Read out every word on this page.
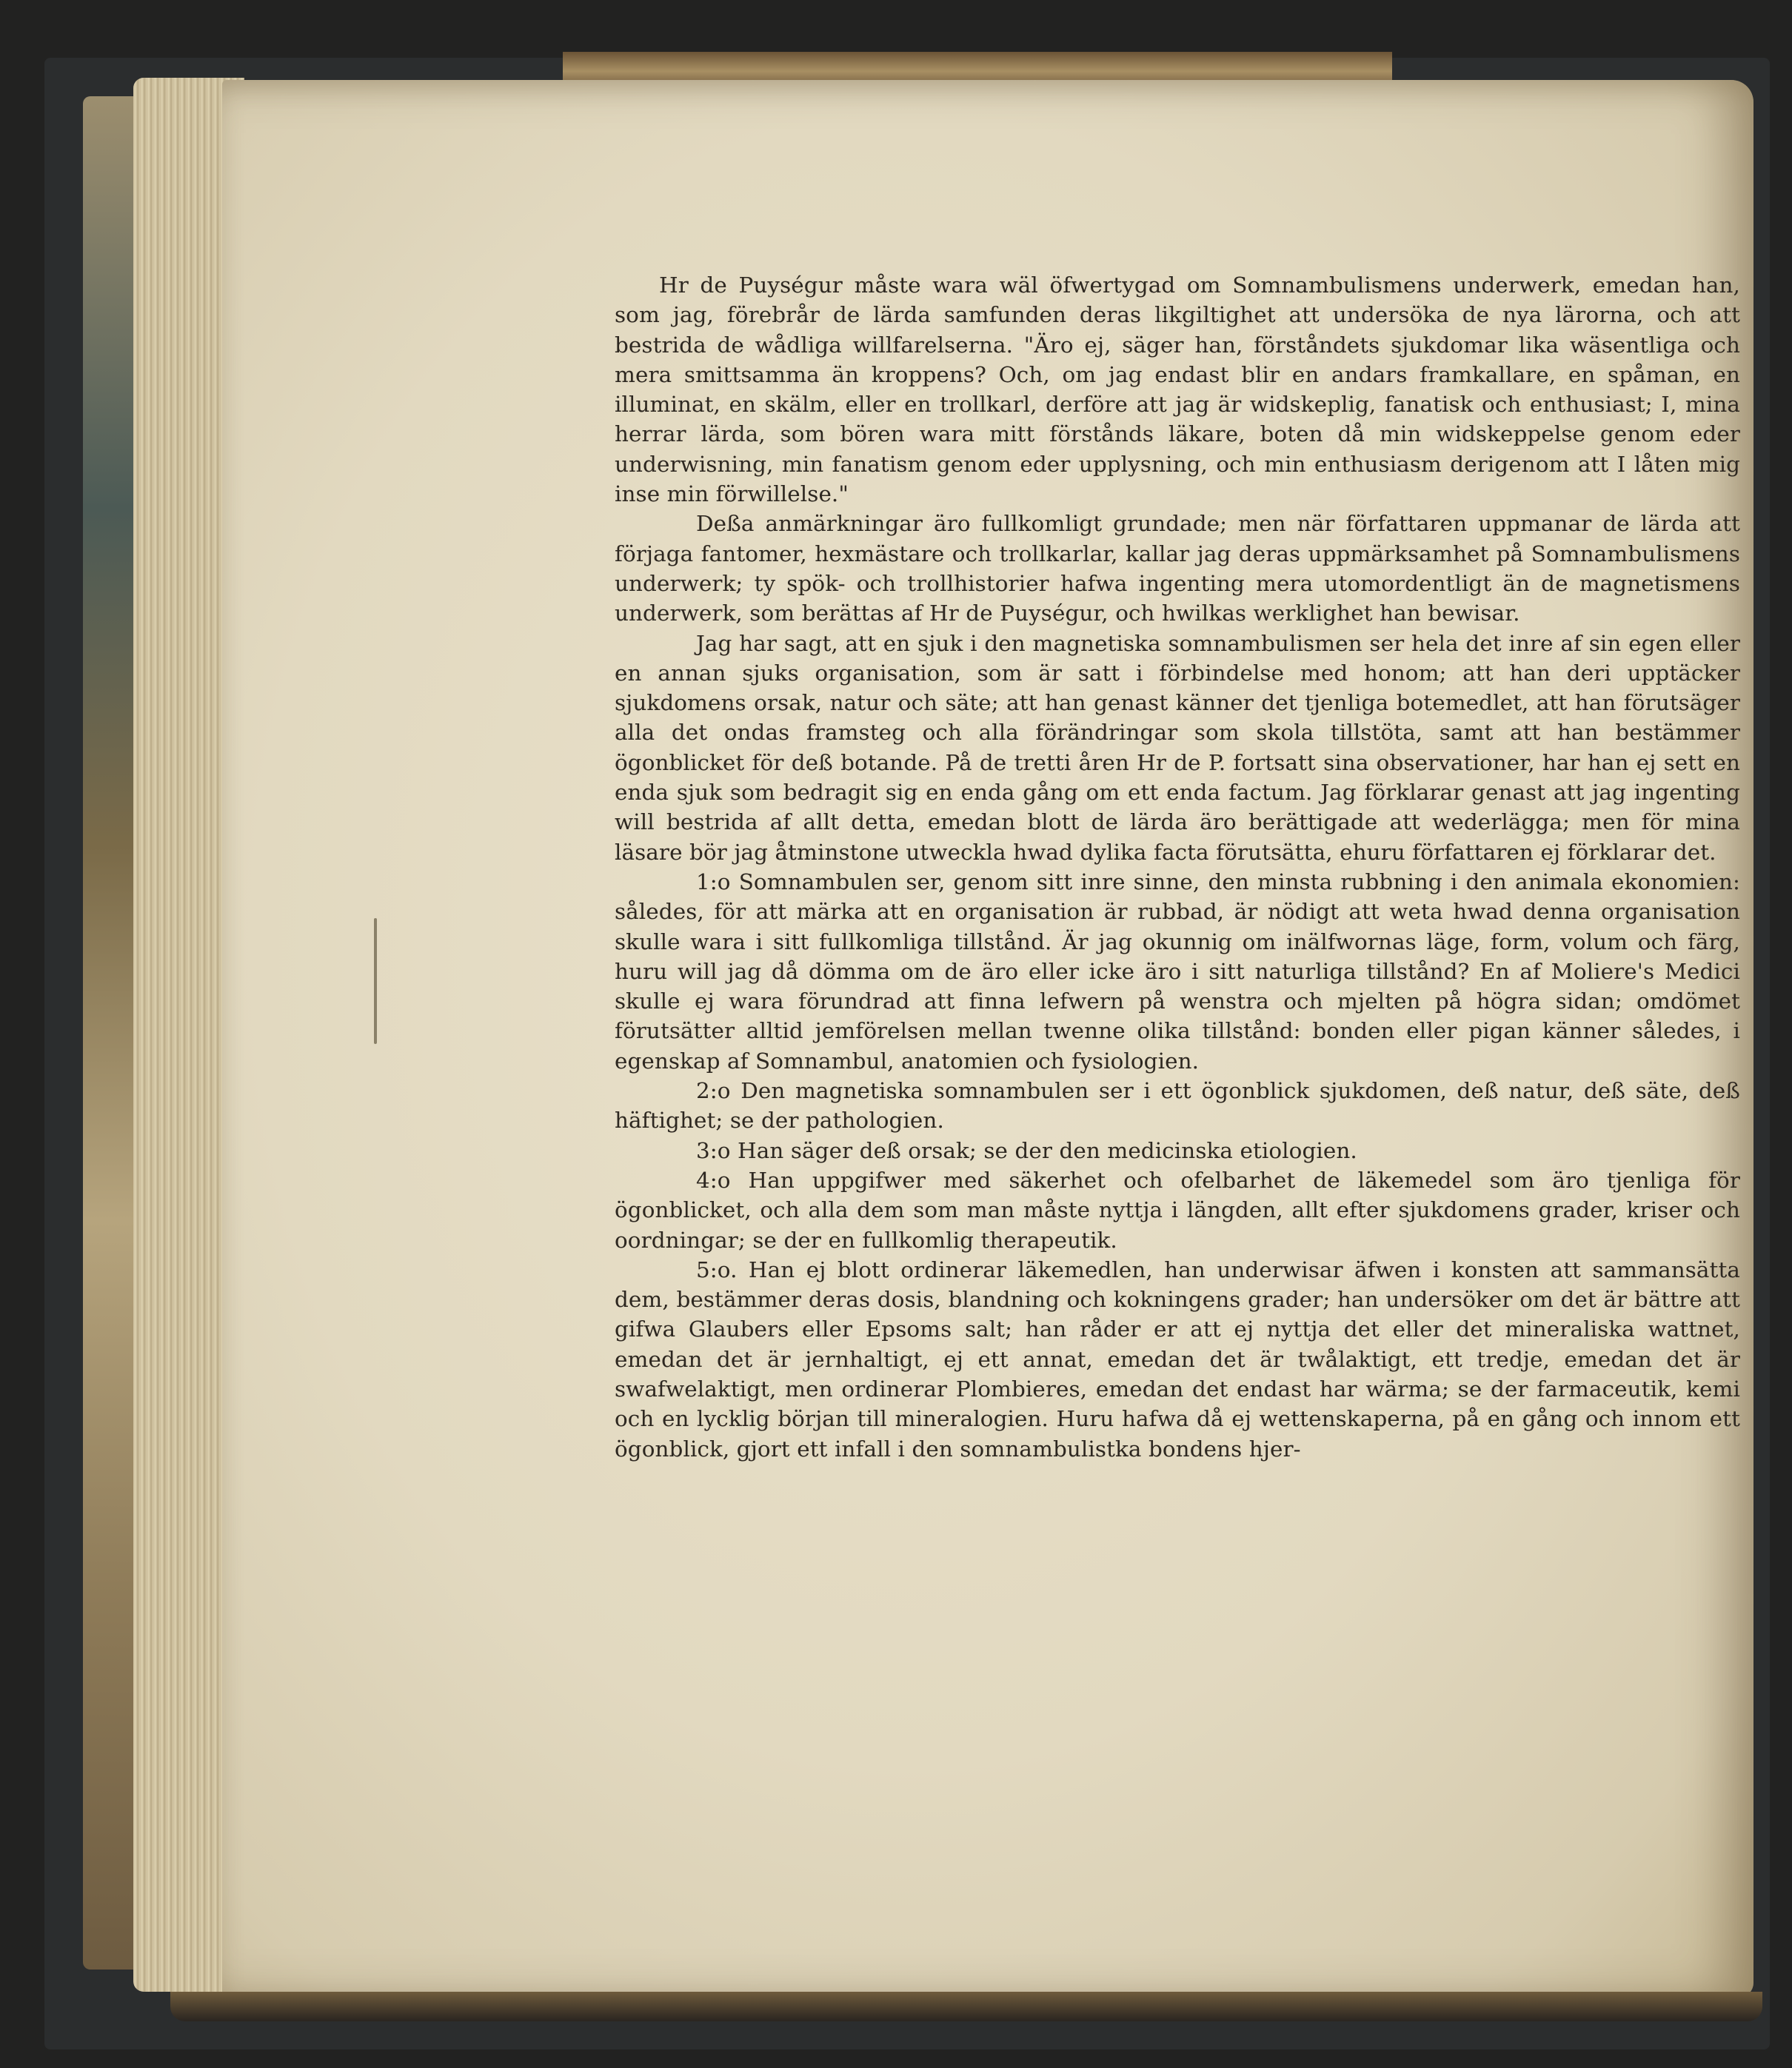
Hr de Puységur måste wara wäl öfwertygad om Somnambulismens underwerk, emedan han, som jag, förebrår de lärda samfunden deras likgiltighet att undersöka de nya lärorna, och att bestrida de wådliga willfarelserna. "Äro ej, säger han, förståndets sjukdomar lika wäsentliga och mera smittsamma än kroppens? Och, om jag endast blir en andars framkallare, en spåman, en illuminat, en skälm, eller en trollkarl, derföre att jag är widskeplig, fanatisk och enthusiast; I, mina herrar lärda, som bören wara mitt förstånds läkare, boten då min widskeppelse genom eder underwisning, min fanatism genom eder upplysning, och min enthusiasm derigenom att I låten mig inse min förwillelse."

Deßa anmärkningar äro fullkomligt grundade; men när författaren uppmanar de lärda att förjaga fantomer, hexmästare och trollkarlar, kallar jag deras uppmärksamhet på Somnambulismens underwerk; ty spök- och trollhistorier hafwa ingenting mera utomordentligt än de magnetismens underwerk, som berättas af Hr de Puységur, och hwilkas werklighet han bewisar.

Jag har sagt, att en sjuk i den magnetiska somnambulismen ser hela det inre af sin egen eller en annan sjuks organisation, som är satt i förbindelse med honom; att han deri upptäcker sjukdomens orsak, natur och säte; att han genast känner det tjenliga botemedlet, att han förutsäger alla det ondas framsteg och alla förändringar som skola tillstöta, samt att han bestämmer ögonblicket för deß botande. På de tretti åren Hr de P. fortsatt sina observationer, har han ej sett en enda sjuk som bedragit sig en enda gång om ett enda factum. Jag förklarar genast att jag ingenting will bestrida af allt detta, emedan blott de lärda äro berättigade att wederlägga; men för mina läsare bör jag åtminstone utweckla hwad dylika facta förutsätta, ehuru författaren ej förklarar det.

1:o Somnambulen ser, genom sitt inre sinne, den minsta rubbning i den animala ekonomien: således, för att märka att en organisation är rubbad, är nödigt att weta hwad denna organisation skulle wara i sitt fullkomliga tillstånd. Är jag okunnig om inälfwornas läge, form, volum och färg, huru will jag då dömma om de äro eller icke äro i sitt naturliga tillstånd? En af Moliere's Medici skulle ej wara förundrad att finna lefwern på wenstra och mjelten på högra sidan; omdömet förutsätter alltid jemförelsen mellan twenne olika tillstånd: bonden eller pigan känner således, i egenskap af Somnambul, anatomien och fysiologien.

2:o Den magnetiska somnambulen ser i ett ögonblick sjukdomen, deß natur, deß säte, deß häftighet; se der pathologien.

3:o Han säger deß orsak; se der den medicinska etiologien.

4:o Han uppgifwer med säkerhet och ofelbarhet de läkemedel som äro tjenliga för ögonblicket, och alla dem som man måste nyttja i längden, allt efter sjukdomens grader, kriser och oordningar; se der en fullkomlig therapeutik.

5:o. Han ej blott ordinerar läkemedlen, han underwisar äfwen i konsten att sammansätta dem, bestämmer deras dosis, blandning och kokningens grader; han undersöker om det är bättre att gifwa Glaubers eller Epsoms salt; han råder er att ej nyttja det eller det mineraliska wattnet, emedan det är jernhaltigt, ej ett annat, emedan det är twålaktigt, ett tredje, emedan det är swafwelaktigt, men ordinerar Plombieres, emedan det endast har wärma; se der farmaceutik, kemi och en lycklig början till mineralogien. Huru hafwa då ej wettenskaperna, på en gång och innom ett ögonblick, gjort ett infall i den somnambulistka bondens hjer-
